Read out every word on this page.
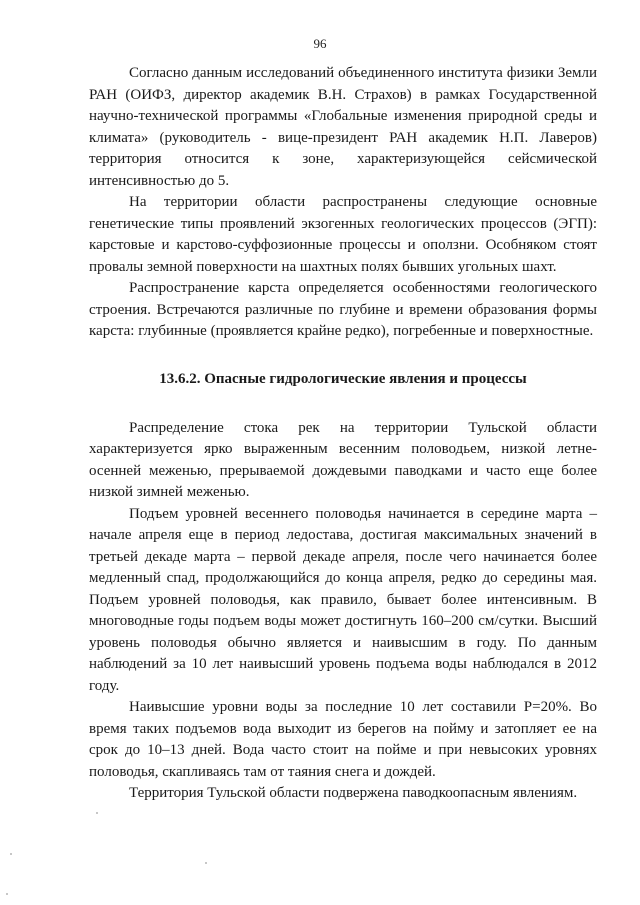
96

Согласно данным исследований объединенного института физики Земли РАН (ОИФЗ, директор академик В.Н. Страхов) в рамках Государственной научно-технической программы «Глобальные изменения природной среды и климата» (руководитель - вице-президент РАН академик Н.П. Лаверов) территория относится к зоне, характеризующейся сейсмической интенсивностью до 5.

На территории области распространены следующие основные генетические типы проявлений экзогенных геологических процессов (ЭГП): карстовые и карстово-суффозионные процессы и оползни. Особняком стоят провалы земной поверхности на шахтных полях бывших угольных шахт.

Распространение карста определяется особенностями геологического строения. Встречаются различные по глубине и времени образования формы карста: глубинные (проявляется крайне редко), погребенные и поверхностные.

13.6.2. Опасные гидрологические явления и процессы

Распределение стока рек на территории Тульской области характеризуется ярко выраженным весенним половодьем, низкой летне-осенней меженью, прерываемой дождевыми паводками и часто еще более низкой зимней меженью.

Подъем уровней весеннего половодья начинается в середине марта – начале апреля еще в период ледостава, достигая максимальных значений в третьей декаде марта – первой декаде апреля, после чего начинается более медленный спад, продолжающийся до конца апреля, редко до середины мая. Подъем уровней половодья, как правило, бывает более интенсивным. В многоводные годы подъем воды может достигнуть 160–200 см/сутки. Высший уровень половодья обычно является и наивысшим в году. По данным наблюдений за 10 лет наивысший уровень подъема воды наблюдался в 2012 году.

Наивысшие уровни воды за последние 10 лет составили Р=20%. Во время таких подъемов вода выходит из берегов на пойму и затопляет ее на срок до 10–13 дней. Вода часто стоит на пойме и при невысоких уровнях половодья, скапливаясь там от таяния снега и дождей.

Территория Тульской области подвержена паводкоопасным явлениям.
